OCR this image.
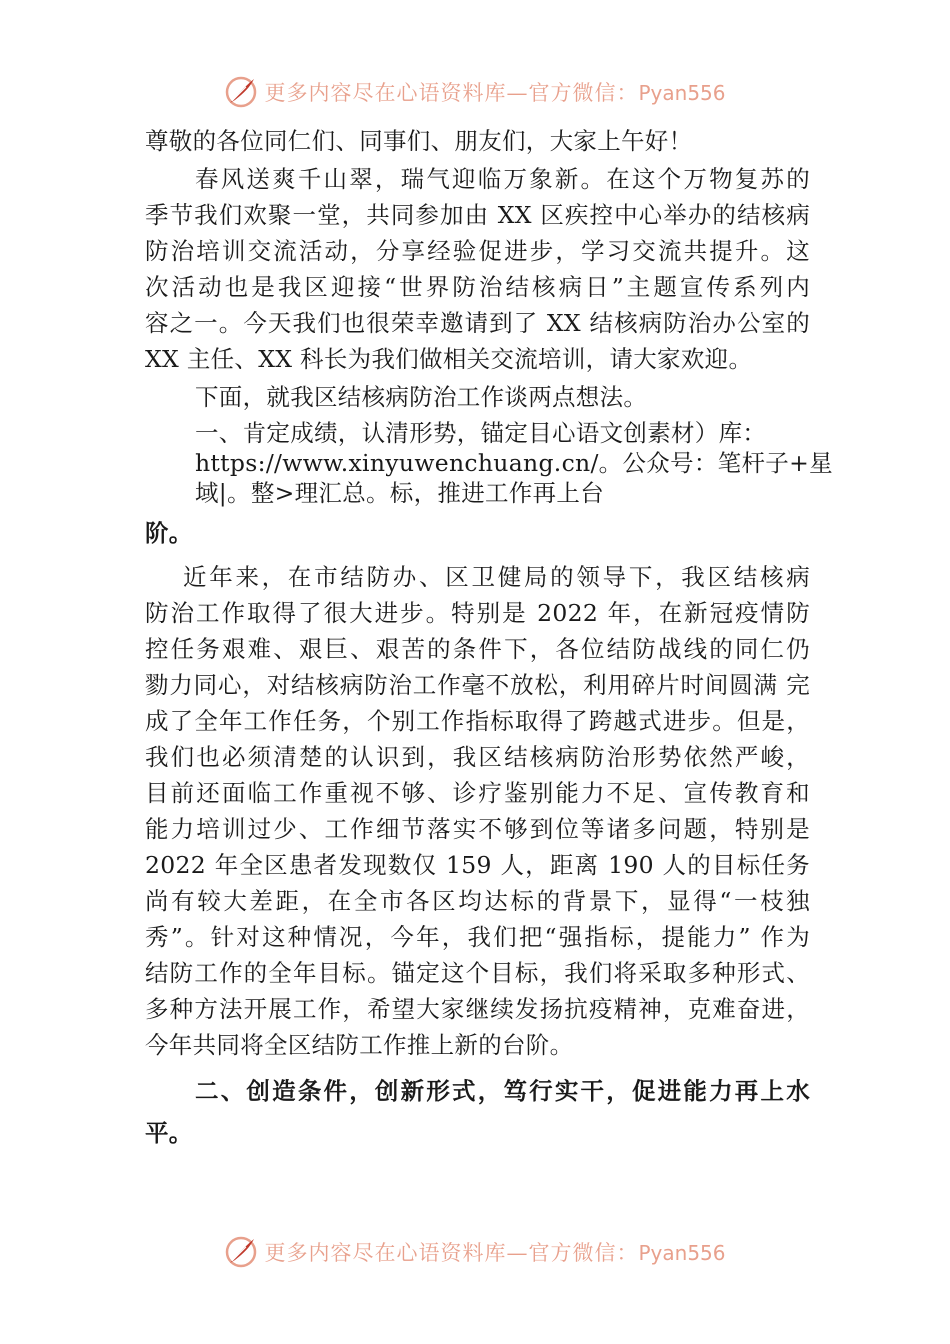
更多内容尽在心语资料库—官方微信：Pyan556
尊敬的各位同仁们、同事们、朋友们，大家上午好！
春风送爽千山翠，瑞气迎临万象新。在这个万物复苏的
季节我们欢聚一堂，共同参加由 XX 区疾控中心举办的结核病
防治培训交流活动，分享经验促进步，学习交流共提升。这
次活动也是我区迎接“世界防治结核病日”主题宣传系列内
容之一。今天我们也很荣幸邀请到了 XX 结核病防治办公室的
XX 主任、XX 科长为我们做相关交流培训，请大家欢迎。
下面，就我区结核病防治工作谈两点想法。
一、肯定成绩，认清形势，锚定目心语文创素材）库：
https://www.xinyuwenchuang.cn/。公众号：笔杆子+星
域|。整>理汇总。标，推进工作再上台
阶。
近年来，在市结防办、区卫健局的领导下，我区结核病
防治工作取得了很大进步。特别是 2022 年，在新冠疫情防
控任务艰难、艰巨、艰苦的条件下，各位结防战线的同仁仍
勠力同心，对结核病防治工作毫不放松，利用碎片时间圆满 完
成了全年工作任务，个别工作指标取得了跨越式进步。但是，
我们也必须清楚的认识到，我区结核病防治形势依然严峻，
目前还面临工作重视不够、诊疗鉴别能力不足、宣传教育和
能力培训过少、工作细节落实不够到位等诸多问题，特别是
2022 年全区患者发现数仅 159 人，距离 190 人的目标任务
尚有较大差距，在全市各区均达标的背景下，显得“一枝独
秀”。针对这种情况，今年，我们把“强指标，提能力” 作为
结防工作的全年目标。锚定这个目标，我们将采取多种形式、
多种方法开展工作，希望大家继续发扬抗疫精神，克难奋进，
今年共同将全区结防工作推上新的台阶。
二、创造条件，创新形式，笃行实干，促进能力再上水
平。
更多内容尽在心语资料库—官方微信：Pyan556
